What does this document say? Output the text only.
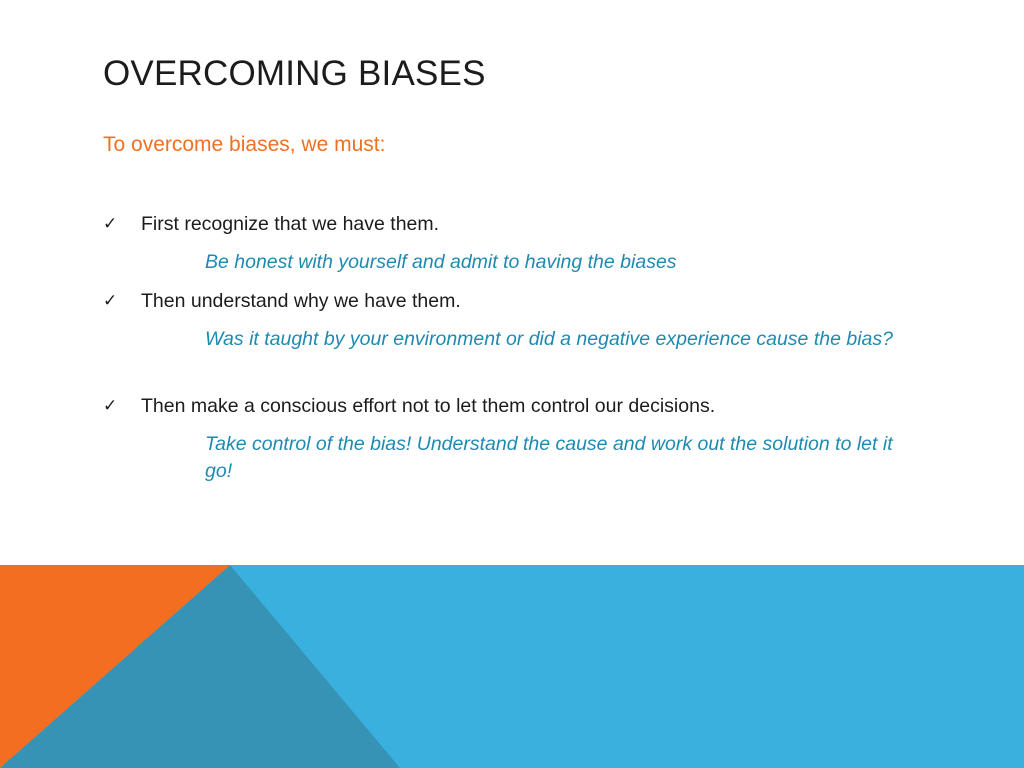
OVERCOMING BIASES
To overcome biases, we must:
✓ First recognize that we have them.
Be honest with yourself and admit to having the biases
✓ Then understand why we have them.
Was it taught by your environment or did a negative experience cause the bias?
✓ Then make a conscious effort not to let them control our decisions.
Take control of the bias! Understand the cause and work out the solution to let it go!
